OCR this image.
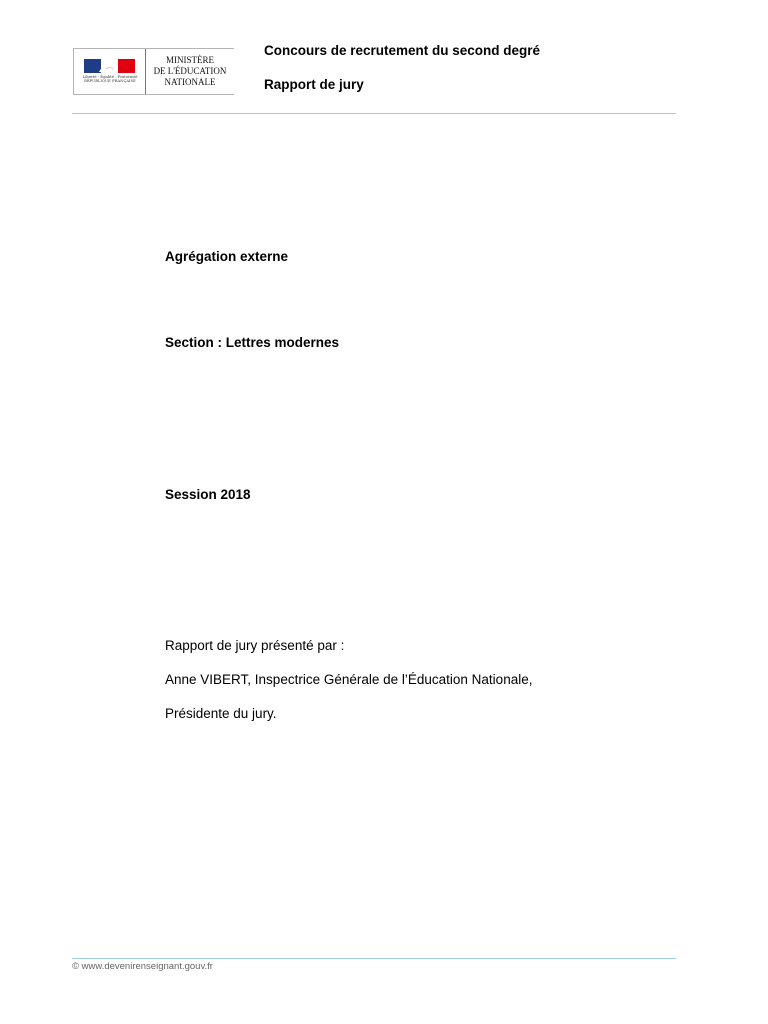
Liberté · Égalité · Fraternité
RÉPUBLIQUE FRANÇAISE
MINISTÈRE
DE L'ÉDUCATION
NATIONALE
Concours de recrutement du second degré
Rapport de jury
Agrégation externe
Section : Lettres modernes
Session 2018
Rapport de jury présenté par :
Anne VIBERT, Inspectrice Générale de l’Éducation Nationale,
Présidente du jury.
© www.devenirenseignant.gouv.fr
